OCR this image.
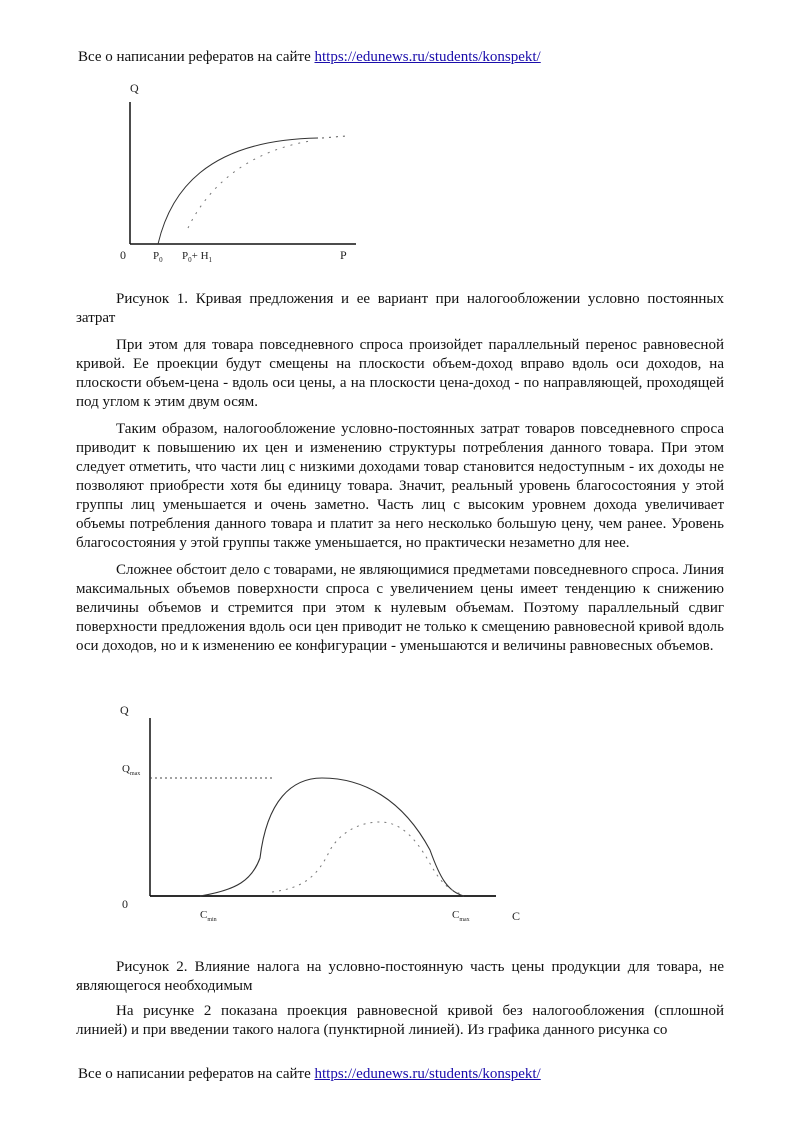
Все о написании рефератов на сайте https://edunews.ru/students/konspekt/
Q
0 $P_0$ $P_0+ H_1$	P

Рисунок 1. Кривая предложения и ее вариант при налогообложении условно постоянных затрат

При этом для товара повседневного спроса произойдет параллельный перенос равновесной кривой. Ее проекции будут смещены на плоскости объем-доход вправо вдоль оси доходов, на плоскости объем-цена - вдоль оси цены, а на плоскости цена-доход - по направляющей, проходящей под углом к этим двум осям.

Таким образом, налогообложение условно-постоянных затрат товаров повседневного спроса приводит к повышению их цен и изменению структуры потребления данного товара. При этом следует отметить, что части лиц с низкими доходами товар становится недоступным - их доходы не позволяют приобрести хотя бы единицу товара. Значит, реальный уровень благосостояния у этой группы лиц уменьшается и очень заметно. Часть лиц с высоким уровнем дохода увеличивает объемы потребления данного товара и платит за него несколько большую цену, чем ранее. Уровень благосостояния у этой группы также уменьшается, но практически незаметно для нее.

Сложнее обстоит дело с товарами, не являющимися предметами повседневного спроса. Линия максимальных объемов поверхности спроса с увеличением цены имеет тенденцию к снижению величины объемов и стремится при этом к нулевым объемам. Поэтому параллельный сдвиг поверхности предложения вдоль оси цен приводит не только к смещению равновесной кривой вдоль оси доходов, но и к изменению ее конфигурации - уменьшаются и величины равновесных объемов.

Q
$Q_{max}$
0
$C_{min}$	$C_{max}$	C

Рисунок 2. Влияние налога на условно-постоянную часть цены продукции для товара, не являющегося необходимым

На рисунке 2 показана проекция равновесной кривой без налогообложения (сплошной линией) и при введении такого налога (пунктирной линией). Из графика данного рисунка со

Все о написании рефератов на сайте https://edunews.ru/students/konspekt/
